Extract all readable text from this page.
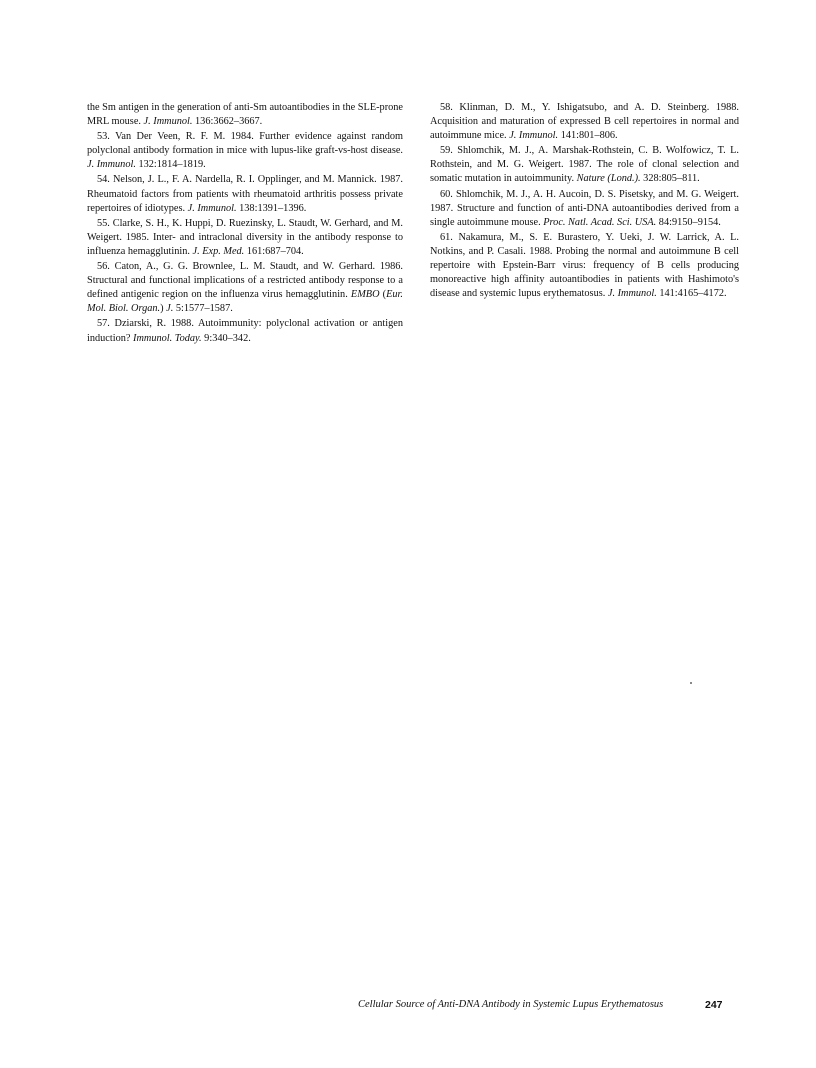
the Sm antigen in the generation of anti-Sm autoantibodies in the SLE-prone MRL mouse. J. Immunol. 136:3662–3667.

53. Van Der Veen, R. F. M. 1984. Further evidence against random polyclonal antibody formation in mice with lupus-like graft-vs-host disease. J. Immunol. 132:1814–1819.

54. Nelson, J. L., F. A. Nardella, R. I. Opplinger, and M. Mannick. 1987. Rheumatoid factors from patients with rheumatoid arthritis possess private repertoires of idiotypes. J. Immunol. 138:1391–1396.

55. Clarke, S. H., K. Huppi, D. Ruezinsky, L. Staudt, W. Gerhard, and M. Weigert. 1985. Inter- and intraclonal diversity in the antibody response to influenza hemagglutinin. J. Exp. Med. 161:687–704.

56. Caton, A., G. G. Brownlee, L. M. Staudt, and W. Gerhard. 1986. Structural and functional implications of a restricted antibody response to a defined antigenic region on the influenza virus hemagglutinin. EMBO (Eur. Mol. Biol. Organ.) J. 5:1577–1587.

57. Dziarski, R. 1988. Autoimmunity: polyclonal activation or antigen induction? Immunol. Today. 9:340–342.

58. Klinman, D. M., Y. Ishigatsubo, and A. D. Steinberg. 1988. Acquisition and maturation of expressed B cell repertoires in normal and autoimmune mice. J. Immunol. 141:801–806.

59. Shlomchik, M. J., A. Marshak-Rothstein, C. B. Wolfowicz, T. L. Rothstein, and M. G. Weigert. 1987. The role of clonal selection and somatic mutation in autoimmunity. Nature (Lond.). 328:805–811.

60. Shlomchik, M. J., A. H. Aucoin, D. S. Pisetsky, and M. G. Weigert. 1987. Structure and function of anti-DNA autoantibodies derived from a single autoimmune mouse. Proc. Natl. Acad. Sci. USA. 84:9150–9154.

61. Nakamura, M., S. E. Burastero, Y. Ueki, J. W. Larrick, A. L. Notkins, and P. Casali. 1988. Probing the normal and autoimmune B cell repertoire with Epstein-Barr virus: frequency of B cells producing monoreactive high affinity autoantibodies in patients with Hashimoto's disease and systemic lupus erythematosus. J. Immunol. 141:4165–4172.

Cellular Source of Anti-DNA Antibody in Systemic Lupus Erythematosus	247
